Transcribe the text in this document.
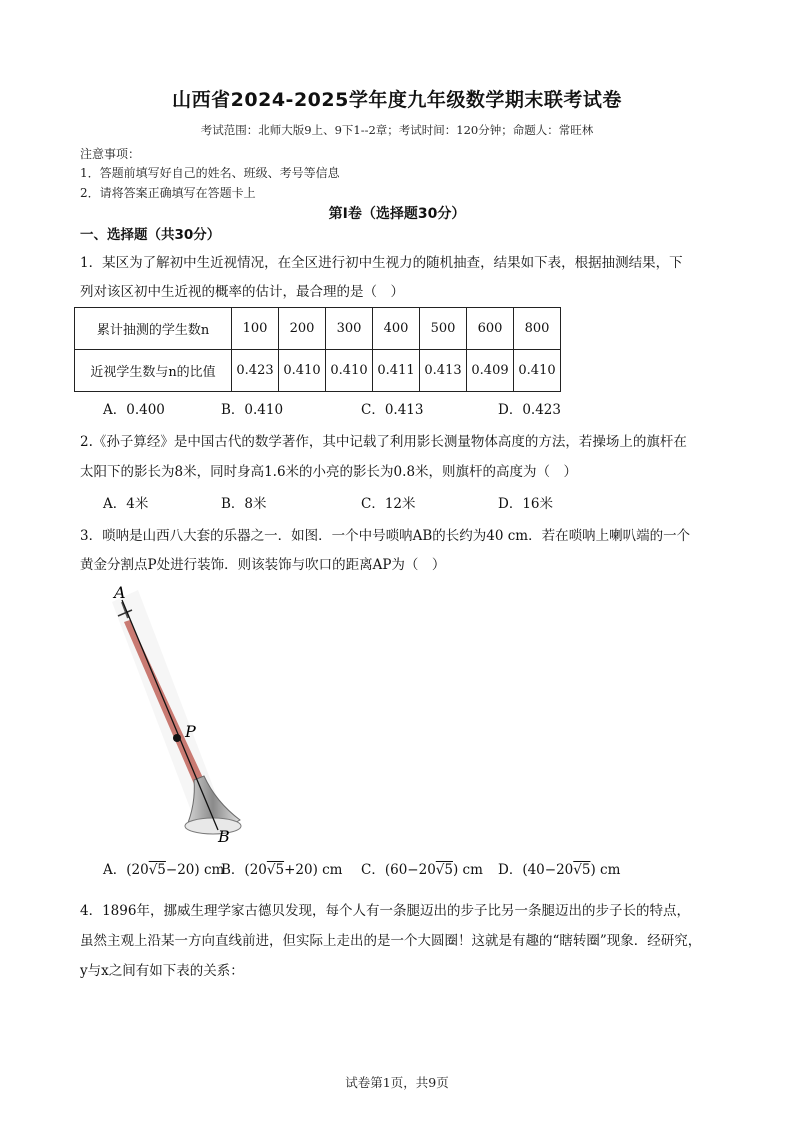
山西省2024-2025学年度九年级数学期末联考试卷
考试范围：北师大版9上、9下1--2章；考试时间：120分钟；命题人：常旺林
注意事项：
1．答题前填写好自己的姓名、班级、考号等信息
2．请将答案正确填写在答题卡上
第I卷（选择题30分）
一、选择题（共30分）
1．某区为了解初中生近视情况，在全区进行初中生视力的随机抽查，结果如下表，根据抽测结果，下
列对该区初中生近视的概率的估计，最合理的是（　）
累计抽测的学生数n	100	200	300	400	500	600	800
近视学生数与n的比值	0.423	0.410	0.410	0.411	0.413	0.409	0.410
A．0.400	B．0.410	C．0.413	D．0.423
2.《孙子算经》是中国古代的数学著作，其中记载了利用影长测量物体高度的方法，若操场上的旗杆在
太阳下的影长为8米，同时身高1.6米的小亮的影长为0.8米，则旗杆的高度为（　）
A．4米	B．8米	C．12米	D．16米
3．唢呐是山西八大套的乐器之一．如图．一个中号唢呐AB的长约为40 cm．若在唢呐上喇叭端的一个
黄金分割点P处进行装饰．则该装饰与吹口的距离AP为（　）
A
P
B
A．(20√5−20) cm
B．(20√5+20) cm C．(60−20√5) cm D．(40−20√5) cm
4．1896年，挪威生理学家古德贝发现，每个人有一条腿迈出的步子比另一条腿迈出的步子长的特点，
虽然主观上沿某一方向直线前进，但实际上走出的是一个大圆圈！这就是有趣的“瞎转圈”现象．经研究，
y与x之间有如下表的关系：
试卷第1页，共9页
